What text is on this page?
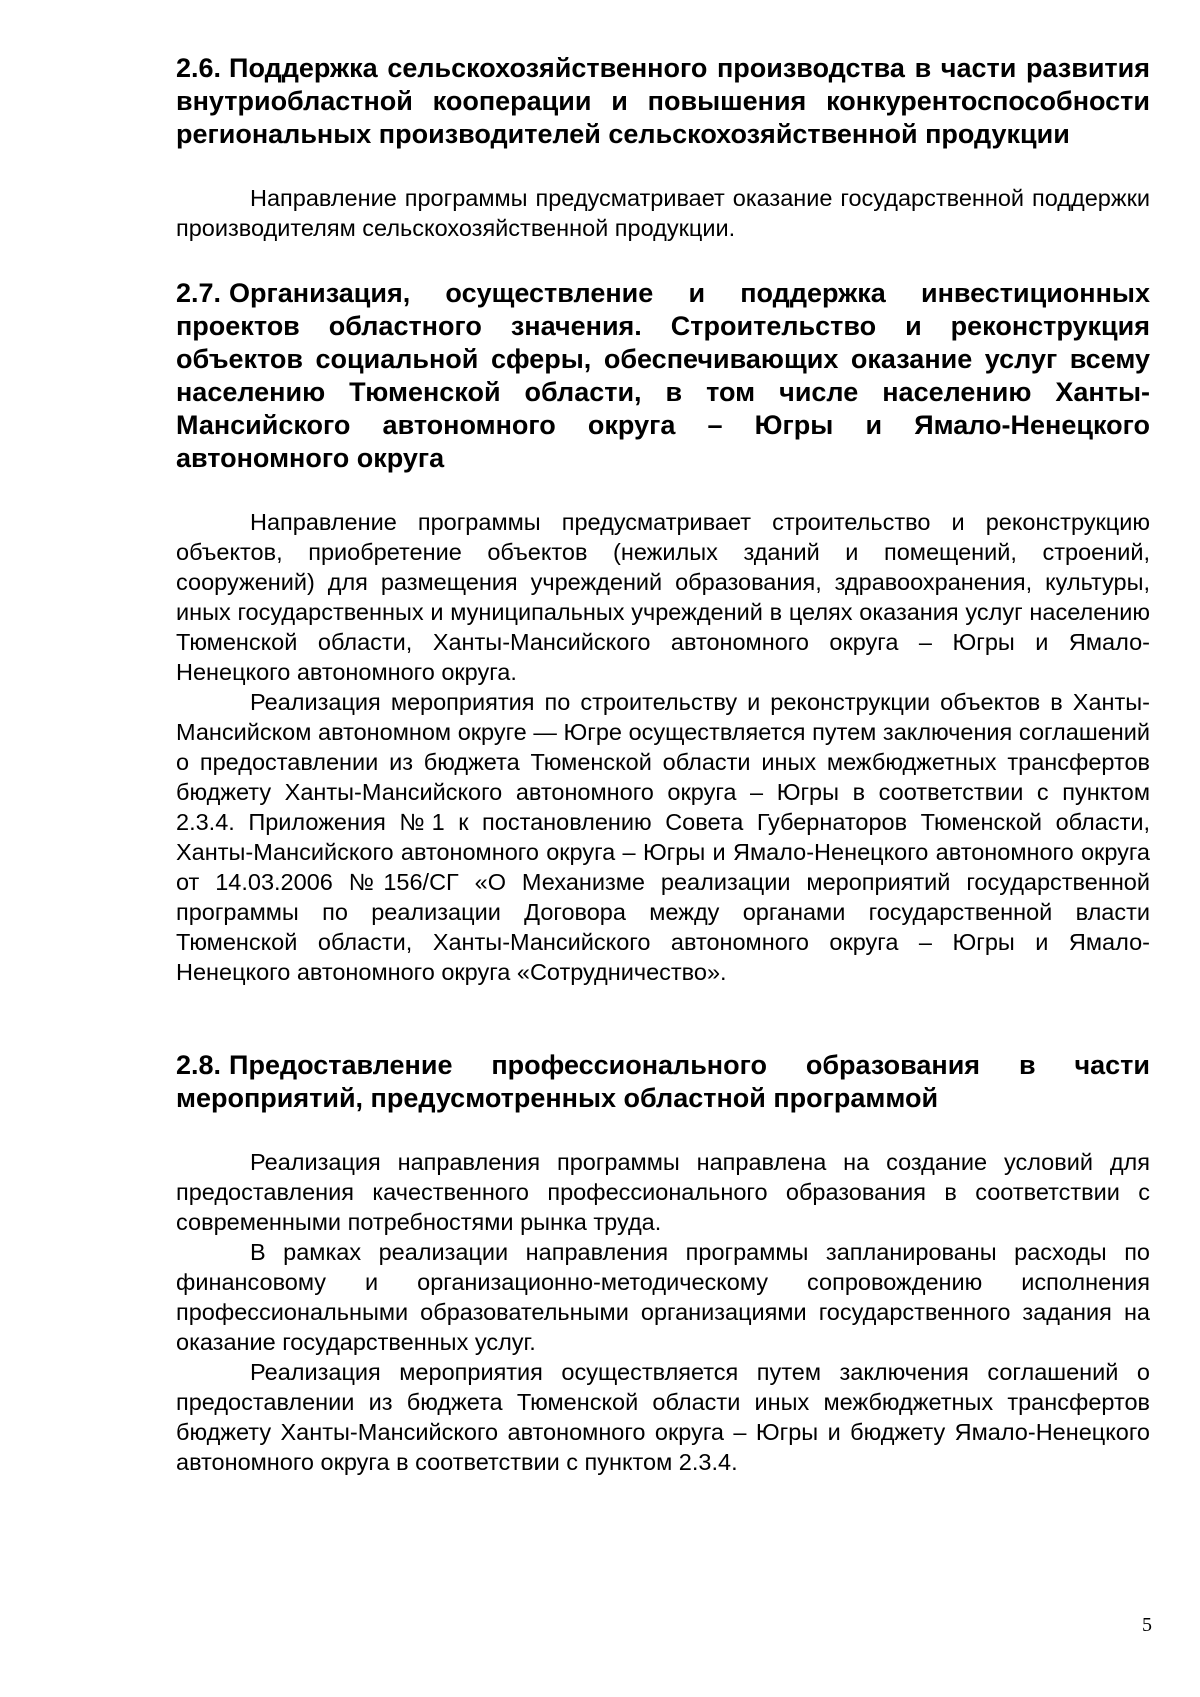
2.6. Поддержка сельскохозяйственного производства в части развития внутриобластной кооперации и повышения конкурентоспособности региональных производителей сельскохозяйственной продукции

Направление программы предусматривает оказание государственной поддержки производителям сельскохозяйственной продукции.

2.7. Организация, осуществление и поддержка инвестиционных проектов областного значения. Строительство и реконструкция объектов социальной сферы, обеспечивающих оказание услуг всему населению Тюменской области, в том числе населению Ханты-Мансийского автономного округа – Югры и Ямало-Ненецкого автономного округа

Направление программы предусматривает строительство и реконструкцию объектов, приобретение объектов (нежилых зданий и помещений, строений, сооружений) для размещения учреждений образования, здравоохранения, культуры, иных государственных и муниципальных учреждений в целях оказания услуг населению Тюменской области, Ханты-Мансийского автономного округа – Югры и Ямало-Ненецкого автономного округа.

Реализация мероприятия по строительству и реконструкции объектов в Ханты-Мансийском автономном округе — Югре осуществляется путем заключения соглашений о предоставлении из бюджета Тюменской области иных межбюджетных трансфертов бюджету Ханты-Мансийского автономного округа – Югры в соответствии с пунктом 2.3.4. Приложения №1 к постановлению Совета Губернаторов Тюменской области, Ханты-Мансийского автономного округа – Югры и Ямало-Ненецкого автономного округа от 14.03.2006 №156/СГ «О Механизме реализации мероприятий государственной программы по реализации Договора между органами государственной власти Тюменской области, Ханты-Мансийского автономного округа – Югры и Ямало-Ненецкого автономного округа «Сотрудничество».

2.8. Предоставление профессионального образования в части мероприятий, предусмотренных областной программой

Реализация направления программы направлена на создание условий для предоставления качественного профессионального образования в соответствии с современными потребностями рынка труда.

В рамках реализации направления программы запланированы расходы по финансовому и организационно-методическому сопровождению исполнения профессиональными образовательными организациями государственного задания на оказание государственных услуг.

Реализация мероприятия осуществляется путем заключения соглашений о предоставлении из бюджета Тюменской области иных межбюджетных трансфертов бюджету Ханты-Мансийского автономного округа – Югры и бюджету Ямало-Ненецкого автономного округа в соответствии с пунктом 2.3.4.

5
